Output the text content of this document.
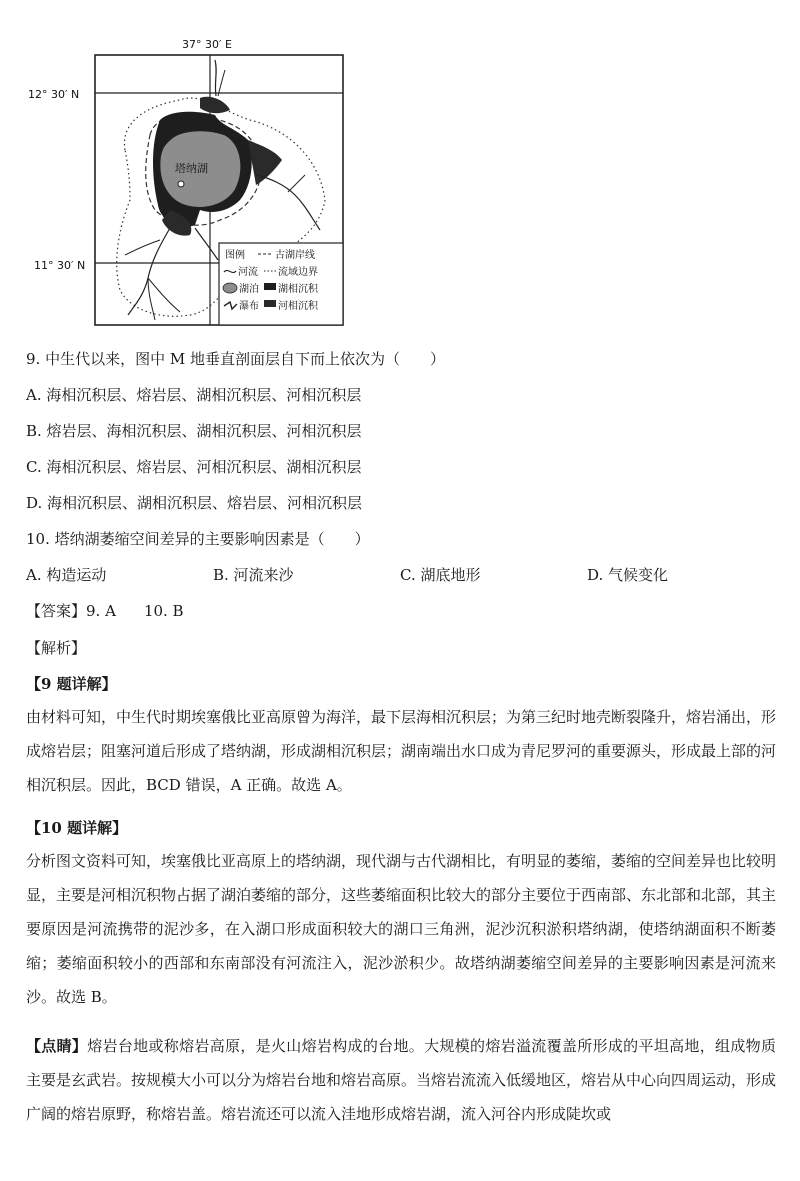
塔纳湖
37° 30′ E
12° 30′ N
11° 30′ N
图例	古湖岸线
河流 流域边界
湖泊 湖相沉积
瀑布 河相沉积
9. 中生代以来，图中 M 地垂直剖面层自下而上依次为（　　）
A. 海相沉积层、熔岩层、湖相沉积层、河相沉积层
B. 熔岩层、海相沉积层、湖相沉积层、河相沉积层
C. 海相沉积层、熔岩层、河相沉积层、湖相沉积层
D. 海相沉积层、湖相沉积层、熔岩层、河相沉积层
10. 塔纳湖萎缩空间差异的主要影响因素是（　　）
A. 构造运动	B. 河流来沙	C. 湖底地形	D. 气候变化
【答案】9. A 10. B
【解析】
【9 题详解】
由材料可知，中生代时期埃塞俄比亚高原曾为海洋，最下层海相沉积层；为第三纪时地壳断裂隆升，熔岩涌出，形成熔岩层；阻塞河道后形成了塔纳湖，形成湖相沉积层；湖南端出水口成为青尼罗河的重要源头，形成最上部的河相沉积层。因此，BCD 错误，A 正确。故选 A。
【10 题详解】
分析图文资料可知，埃塞俄比亚高原上的塔纳湖，现代湖与古代湖相比，有明显的萎缩，萎缩的空间差异也比较明显，主要是河相沉积物占据了湖泊萎缩的部分，这些萎缩面积比较大的部分主要位于西南部、东北部和北部，其主要原因是河流携带的泥沙多，在入湖口形成面积较大的湖口三角洲，泥沙沉积淤积塔纳湖，使塔纳湖面积不断萎缩；萎缩面积较小的西部和东南部没有河流注入，泥沙淤积少。故塔纳湖萎缩空间差异的主要影响因素是河流来沙。故选 B。
【点睛】熔岩台地或称熔岩高原，是火山熔岩构成的台地。大规模的熔岩溢流覆盖所形成的平坦高地，组成物质主要是玄武岩。按规模大小可以分为熔岩台地和熔岩高原。当熔岩流流入低缓地区，熔岩从中心向四周运动，形成广阔的熔岩原野，称熔岩盖。熔岩流还可以流入洼地形成熔岩湖，流入河谷内形成陡坎或
